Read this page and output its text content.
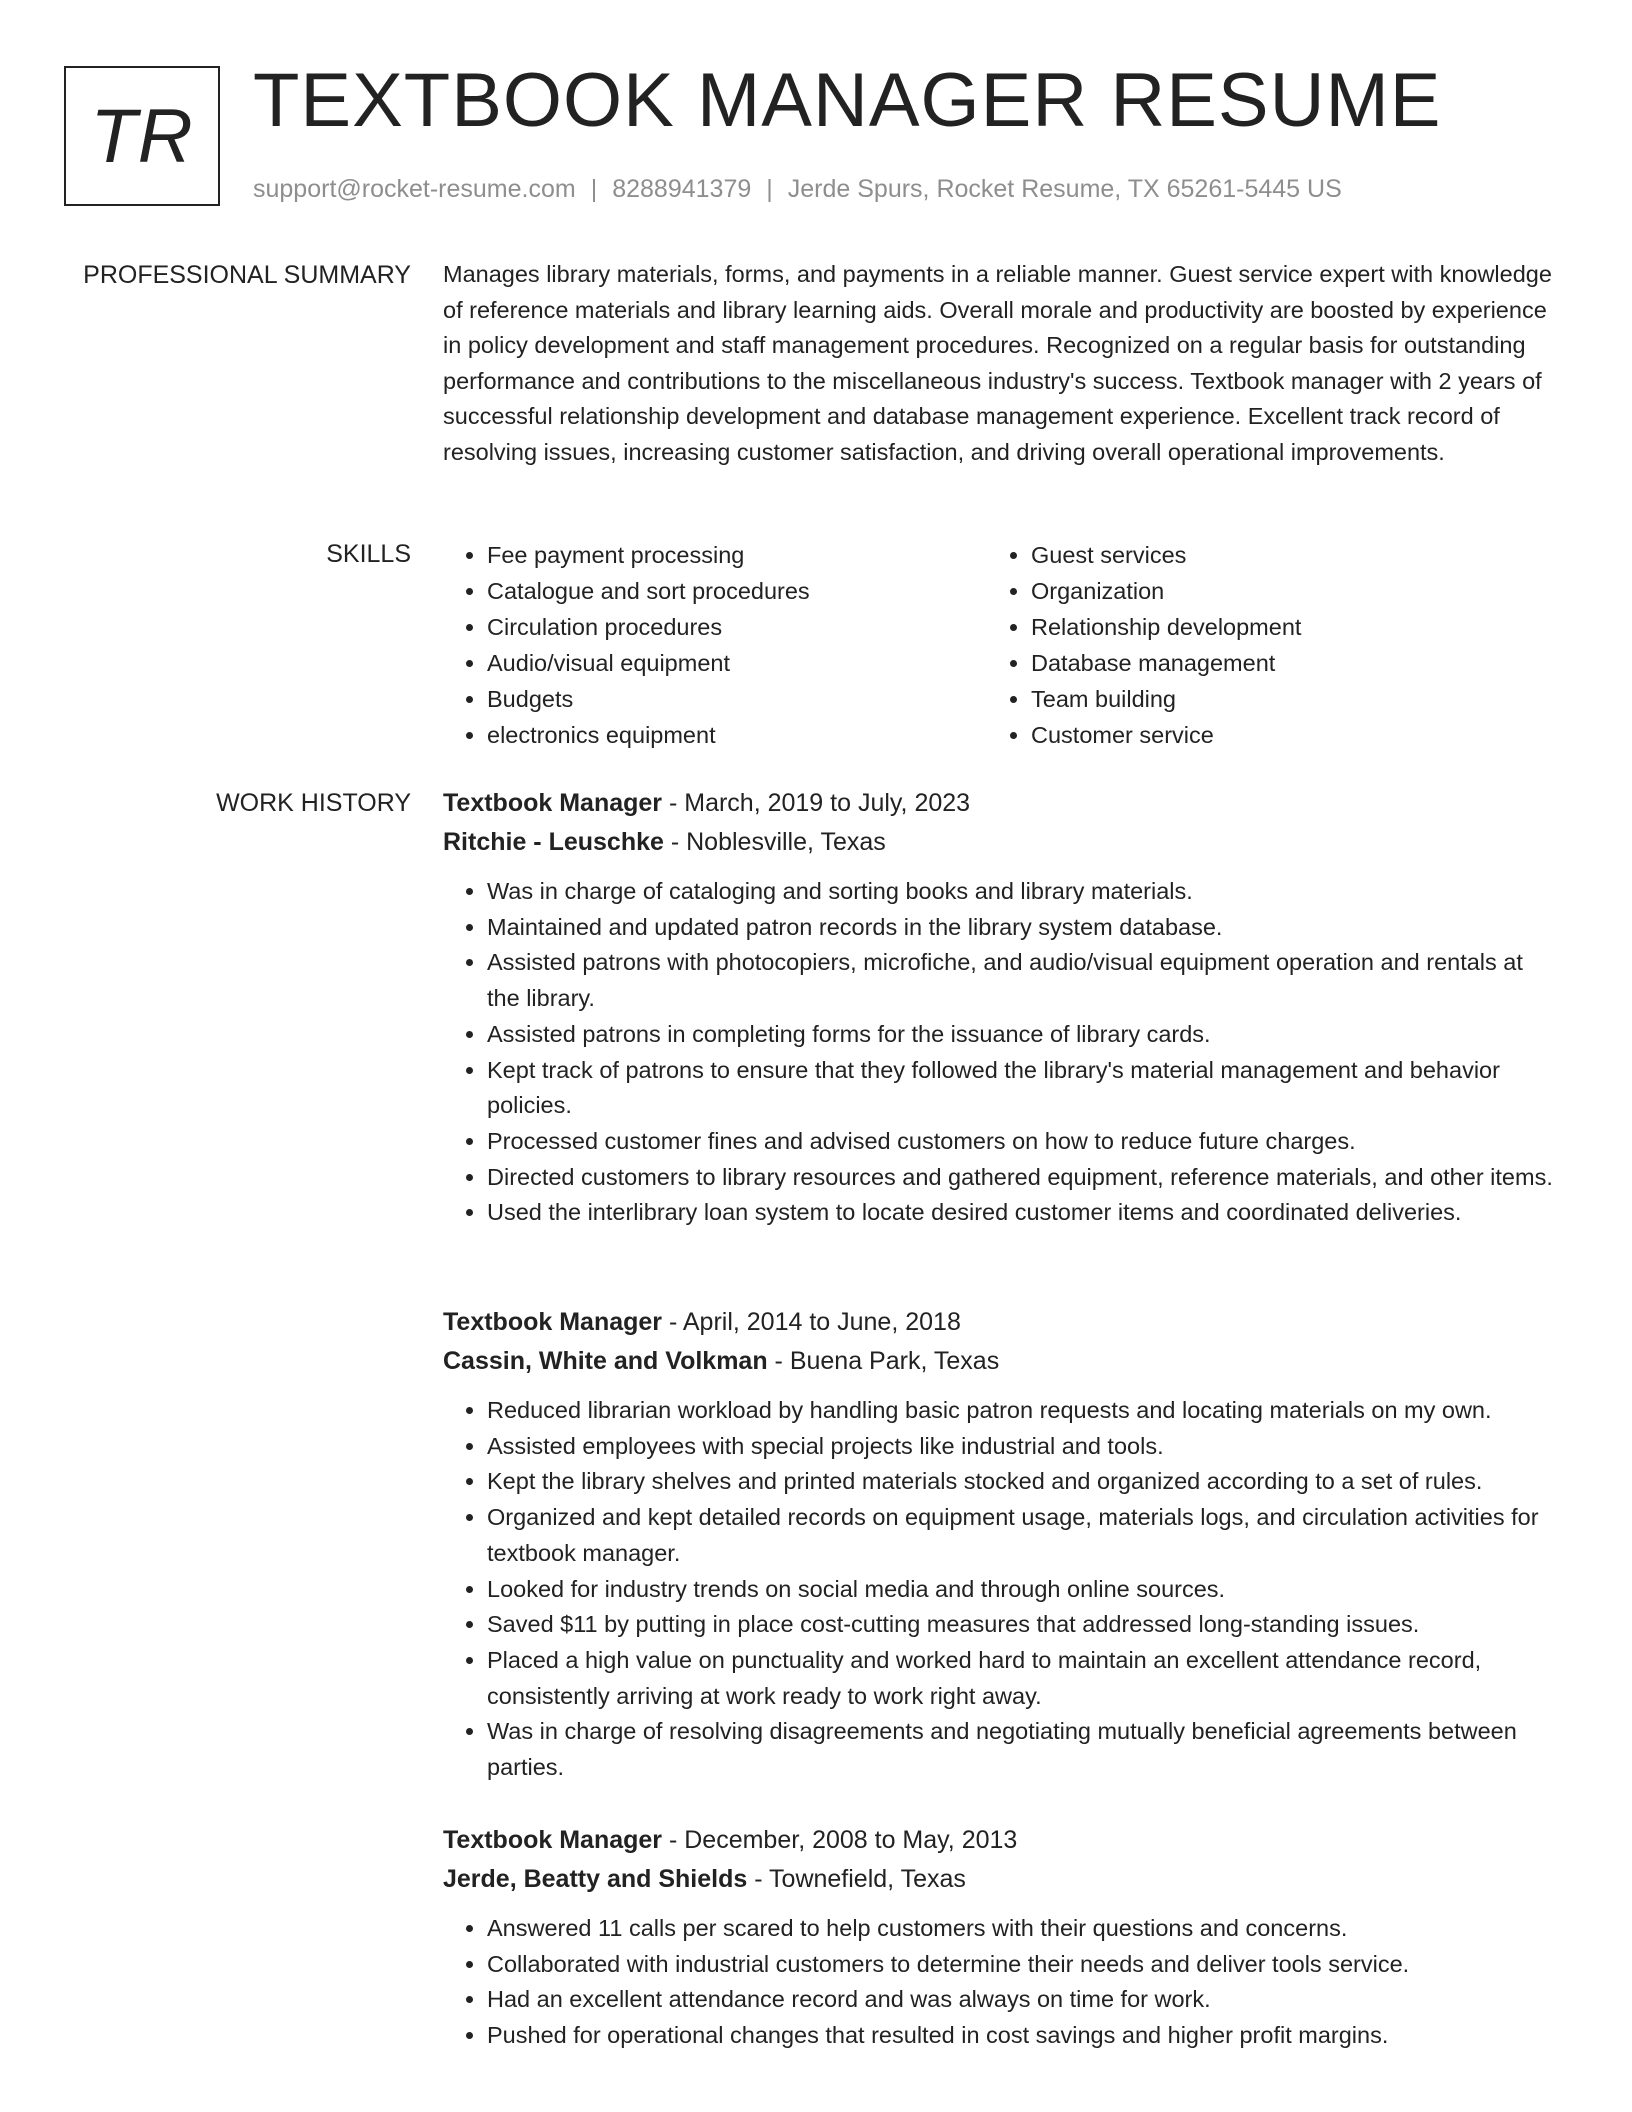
TR TEXTBOOK MANAGER RESUME
support@rocket-resume.com | 8288941379 | Jerde Spurs, Rocket Resume, TX 65261-5445 US
PROFESSIONAL SUMMARY Manages library materials, forms, and payments in a reliable manner. Guest service expert with knowledge of reference materials and library learning aids. Overall morale and productivity are boosted by experience in policy development and staff management procedures. Recognized on a regular basis for outstanding performance and contributions to the miscellaneous industry's success. Textbook manager with 2 years of successful relationship development and database management experience. Excellent track record of resolving issues, increasing customer satisfaction, and driving overall operational improvements.

SKILLS
•	Fee payment processing
• Catalogue and sort procedures
• Circulation procedures
• Audio/visual equipment
• Budgets
• electronics equipment
• Guest services
• Organization
• Relationship development
• Database management
• Team building
• Customer service
WORK HISTORY Textbook Manager - March, 2019 to July, 2023
Ritchie - Leuschke - Noblesville, Texas
• Was in charge of cataloging and sorting books and library materials.
• Maintained and updated patron records in the library system database.
• Assisted patrons with photocopiers, microfiche, and audio/visual equipment operation and rentals at the library.
• Assisted patrons in completing forms for the issuance of library cards.
• Kept track of patrons to ensure that they followed the library's material management and behavior policies.
• Processed customer fines and advised customers on how to reduce future charges.
• Directed customers to library resources and gathered equipment, reference materials, and other items.
• Used the interlibrary loan system to locate desired customer items and coordinated deliveries.
Textbook Manager - April, 2014 to June, 2018
Cassin, White and Volkman - Buena Park, Texas
• Reduced librarian workload by handling basic patron requests and locating materials on my own.
• Assisted employees with special projects like industrial and tools.
• Kept the library shelves and printed materials stocked and organized according to a set of rules.
• Organized and kept detailed records on equipment usage, materials logs, and circulation activities for textbook manager.
• Looked for industry trends on social media and through online sources.
• Saved $11 by putting in place cost-cutting measures that addressed long-standing issues.
• Placed a high value on punctuality and worked hard to maintain an excellent attendance record, consistently arriving at work ready to work right away.
• Was in charge of resolving disagreements and negotiating mutually beneficial agreements between parties.
Textbook Manager - December, 2008 to May, 2013
Jerde, Beatty and Shields - Townefield, Texas
• Answered 11 calls per scared to help customers with their questions and concerns.
• Collaborated with industrial customers to determine their needs and deliver tools service.
• Had an excellent attendance record and was always on time for work.
• Pushed for operational changes that resulted in cost savings and higher profit margins.
